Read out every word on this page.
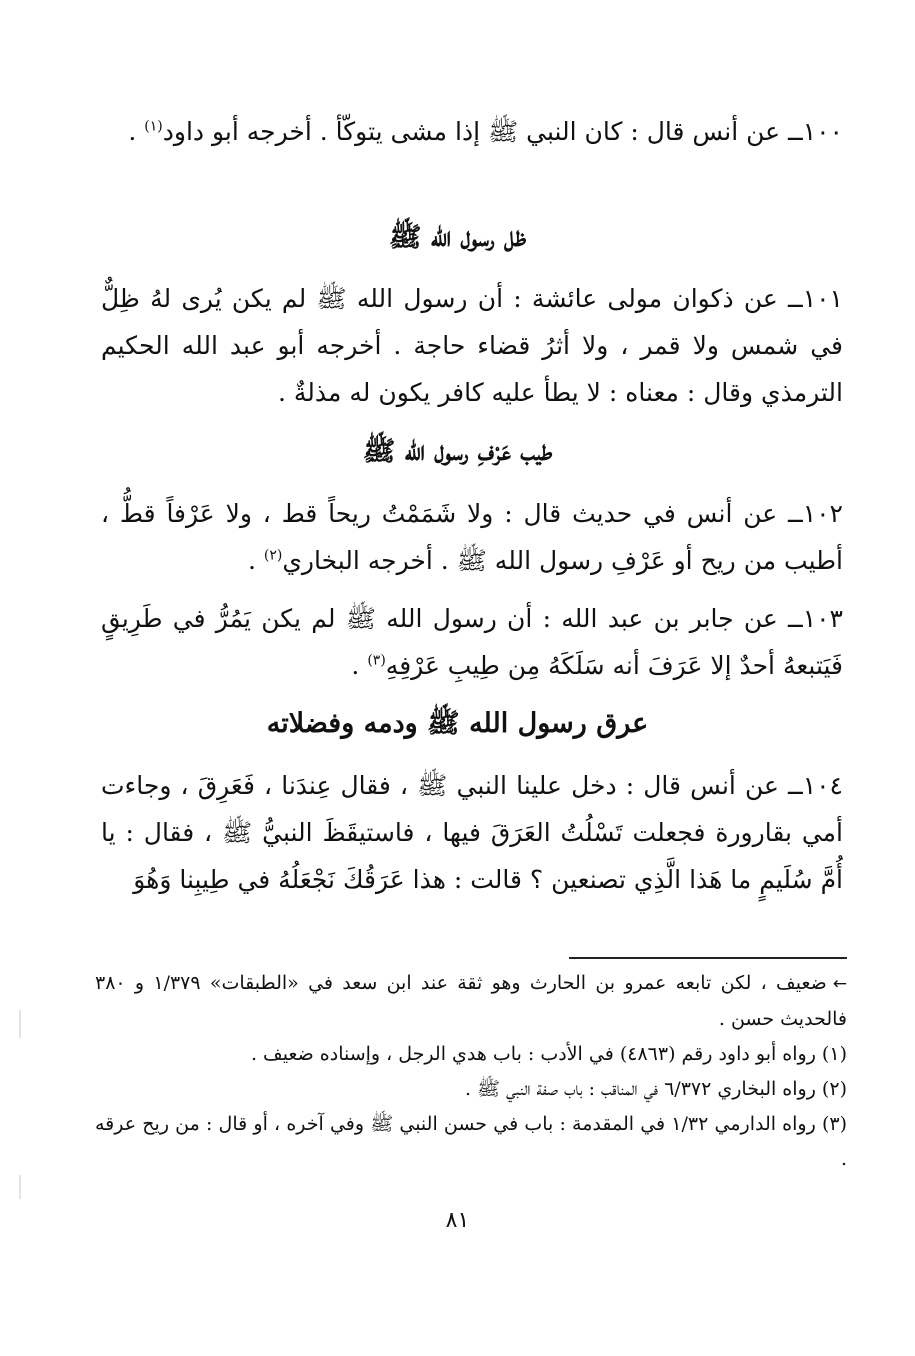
١٠٠ــ عن أنس قال : كان النبي ﷺ إذا مشى يتوكّأ . أخرجه أبو داود$^{(١)}$ .

ظل رسول الله ﷺ

١٠١ــ عن ذكوان مولى عائشة : أن رسول الله ﷺ لم يكن يُرى لهُ ظِلٌّ في شمس ولا قمر ، ولا أثرُ قضاء حاجة . أخرجه أبو عبد الله الحكيم الترمذي وقال : معناه : لا يطأ عليه كافر يكون له مذلةٌ .

طيب عَرْفِ رسول الله ﷺ

١٠٢ــ عن أنس في حديث قال : ولا شَمَمْتُ ريحاً قط ، ولا عَرْفاً قطُّ ، أطيب من ريح أو عَرْفِ رسول الله ﷺ . أخرجه البخاري$^{(٢)}$ .

١٠٣ــ عن جابر بن عبد الله : أن رسول الله ﷺ لم يكن يَمُرُّ في طَرِيقٍ فَيَتبعهُ أحدٌ إلا عَرَفَ أنه سَلَكَهُ مِن طِيبِ عَرْفِهِ$^{(٣)}$ .

عرق رسول الله ﷺ ودمه وفضلاته

١٠٤ــ عن أنس قال : دخل علينا النبي ﷺ ، فقال عِندَنا ، فَعَرِقَ ، وجاءت أمي بقارورة فجعلت تَسْلُتُ العَرَقَ فيها ، فاستيقَظَ النبيُّ ﷺ ، فقال : يا أُمَّ سُلَيمٍ ما هَذا الَّذِي تصنعين ؟ قالت : هذا عَرَقُكَ نَجْعَلُهُ في طِيبِنا وَهُوَ

←ضعيف ، لكن تابعه عمرو بن الحارث وهو ثقة عند ابن سعد في «الطبقات» ١/٣٧٩ و ٣٨٠ فالحديث حسن .

(١) رواه أبو داود رقم (٤٨٦٣) في الأدب : باب هدي الرجل ، وإسناده ضعيف .

(٢) رواه البخاري ٦/٣٧٢ في المناقب : باب صفة النبي ﷺ .

(٣) رواه الدارمي ١/٣٢ في المقدمة : باب في حسن النبي ﷺ وفي آخره ، أو قال : من ريح عرقه .

٨١
